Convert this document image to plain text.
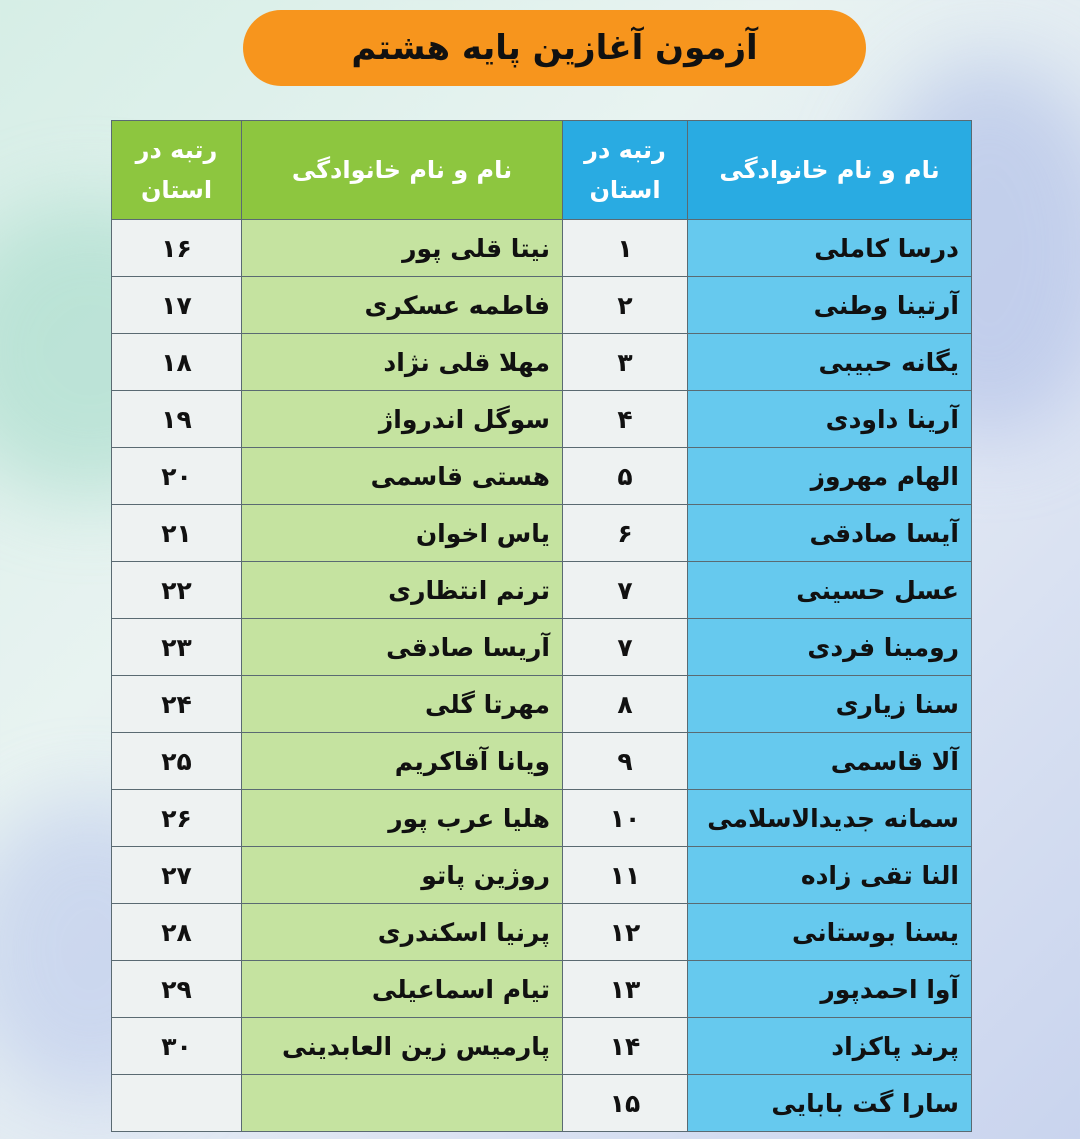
آزمون آغازین پایه هشتم
نام و نام خانوادگی	رتبه در استان	نام و نام خانوادگی	رتبه در استان
درسا کاملی	۱	نیتا قلی پور	۱۶
آرتینا وطنی	۲	فاطمه عسکری	۱۷
یگانه حبیبی	۳	مهلا قلی نژاد	۱۸
آرینا داودی	۴	سوگل اندرواژ	۱۹
الهام مهروز	۵	هستی قاسمی	۲۰
آیسا صادقی	۶	یاس اخوان	۲۱
عسل حسینی	۷	ترنم انتظاری	۲۲
رومینا فردی	۷	آریسا صادقی	۲۳
سنا زیاری	۸	مهرتا گلی	۲۴
آلا قاسمی	۹	ویانا آقاکریم	۲۵
سمانه جدیدالاسلامی	۱۰	هلیا عرب پور	۲۶
النا تقی زاده	۱۱	روژین پاتو	۲۷
یسنا بوستانی	۱۲	پرنیا اسکندری	۲۸
آوا احمدپور	۱۳	تیام اسماعیلی	۲۹
پرند پاکزاد	۱۴	پارمیس زین العابدینی	۳۰
سارا گت بابایی	۱۵		
